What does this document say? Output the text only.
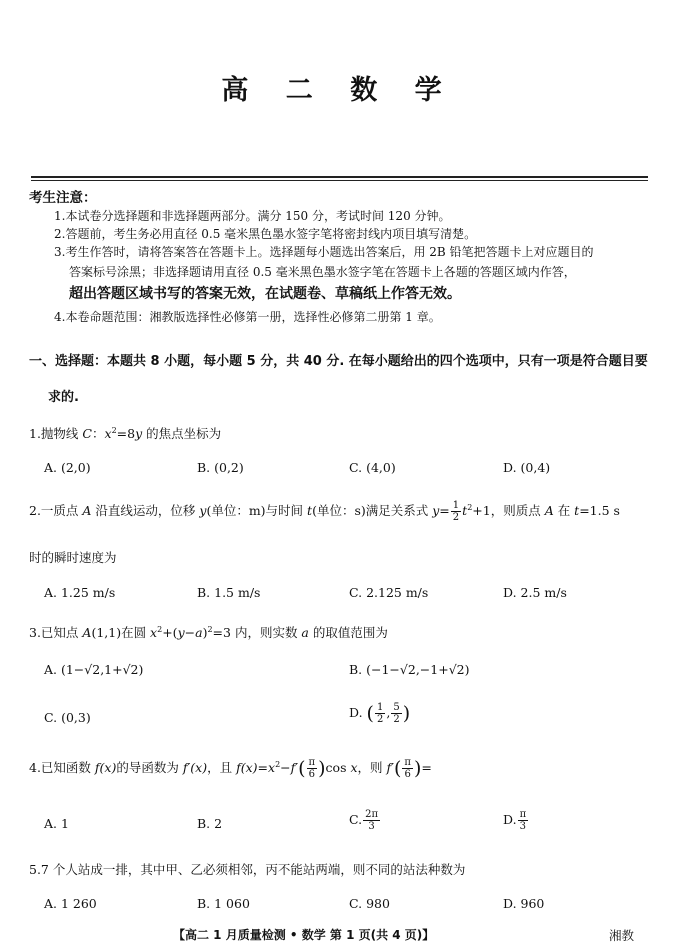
高 二 数 学
考生注意：
1.本试卷分选择题和非选择题两部分。满分 150 分，考试时间 120 分钟。
2.答题前，考生务必用直径 0.5 毫米黑色墨水签字笔将密封线内项目填写清楚。
3.考生作答时，请将答案答在答题卡上。选择题每小题选出答案后，用 2B 铅笔把答题卡上对应题目的
答案标号涂黑；非选择题请用直径 0.5 毫米黑色墨水签字笔在答题卡上各题的答题区域内作答，
超出答题区域书写的答案无效，在试题卷、草稿纸上作答无效。
4.本卷命题范围：湘教版选择性必修第一册，选择性必修第二册第 1 章。
一、选择题：本题共 8 小题，每小题 5 分，共 40 分. 在每小题给出的四个选项中，只有一项是符合题目要
求的.
1.抛物线 C：$x^2=8y$ 的焦点坐标为
A. (2,0)	B. (0,2)	C. (4,0)	D. (0,4)
2.一质点 A 沿直线运动，位移 y(单位：m)与时间 t(单位：s)满足关系式 $y= \frac{1}{2} t^2+1$，则质点 A 在 t=1.5 s
时的瞬时速度为
A. 1.25 m/s	B. 1.5 m/s	C. 2.125 m/s	D. 2.5 m/s
3.已知点 A(1,1)在圆 $x^2+(y-a)^2=3$ 内，则实数 a 的取值范围为
A. (1−√2,1+√2)	B. (−1−√2,−1+√2)
C. (0,3)	D. ( $\frac{1}{2}$ , $\frac{5}{2}$ )
4.已知函数 f(x)的导函数为 f′(x)，且 $f(x)=x^2-f'( \frac{\pi}{6} )\cos$ x，则 $f'( \frac{\pi}{6}$ )=
A. 1	B. 2	C. $\frac{2\pi}{3}$	D. $\frac{\pi}{3}$
5.7 个人站成一排，其中甲、乙必须相邻，丙不能站两端，则不同的站法种数为
A. 1 260	B. 1 060	C. 980	D. 960
【高二 1 月质量检测 • 数学 第 1 页(共 4 页)】	湘教
